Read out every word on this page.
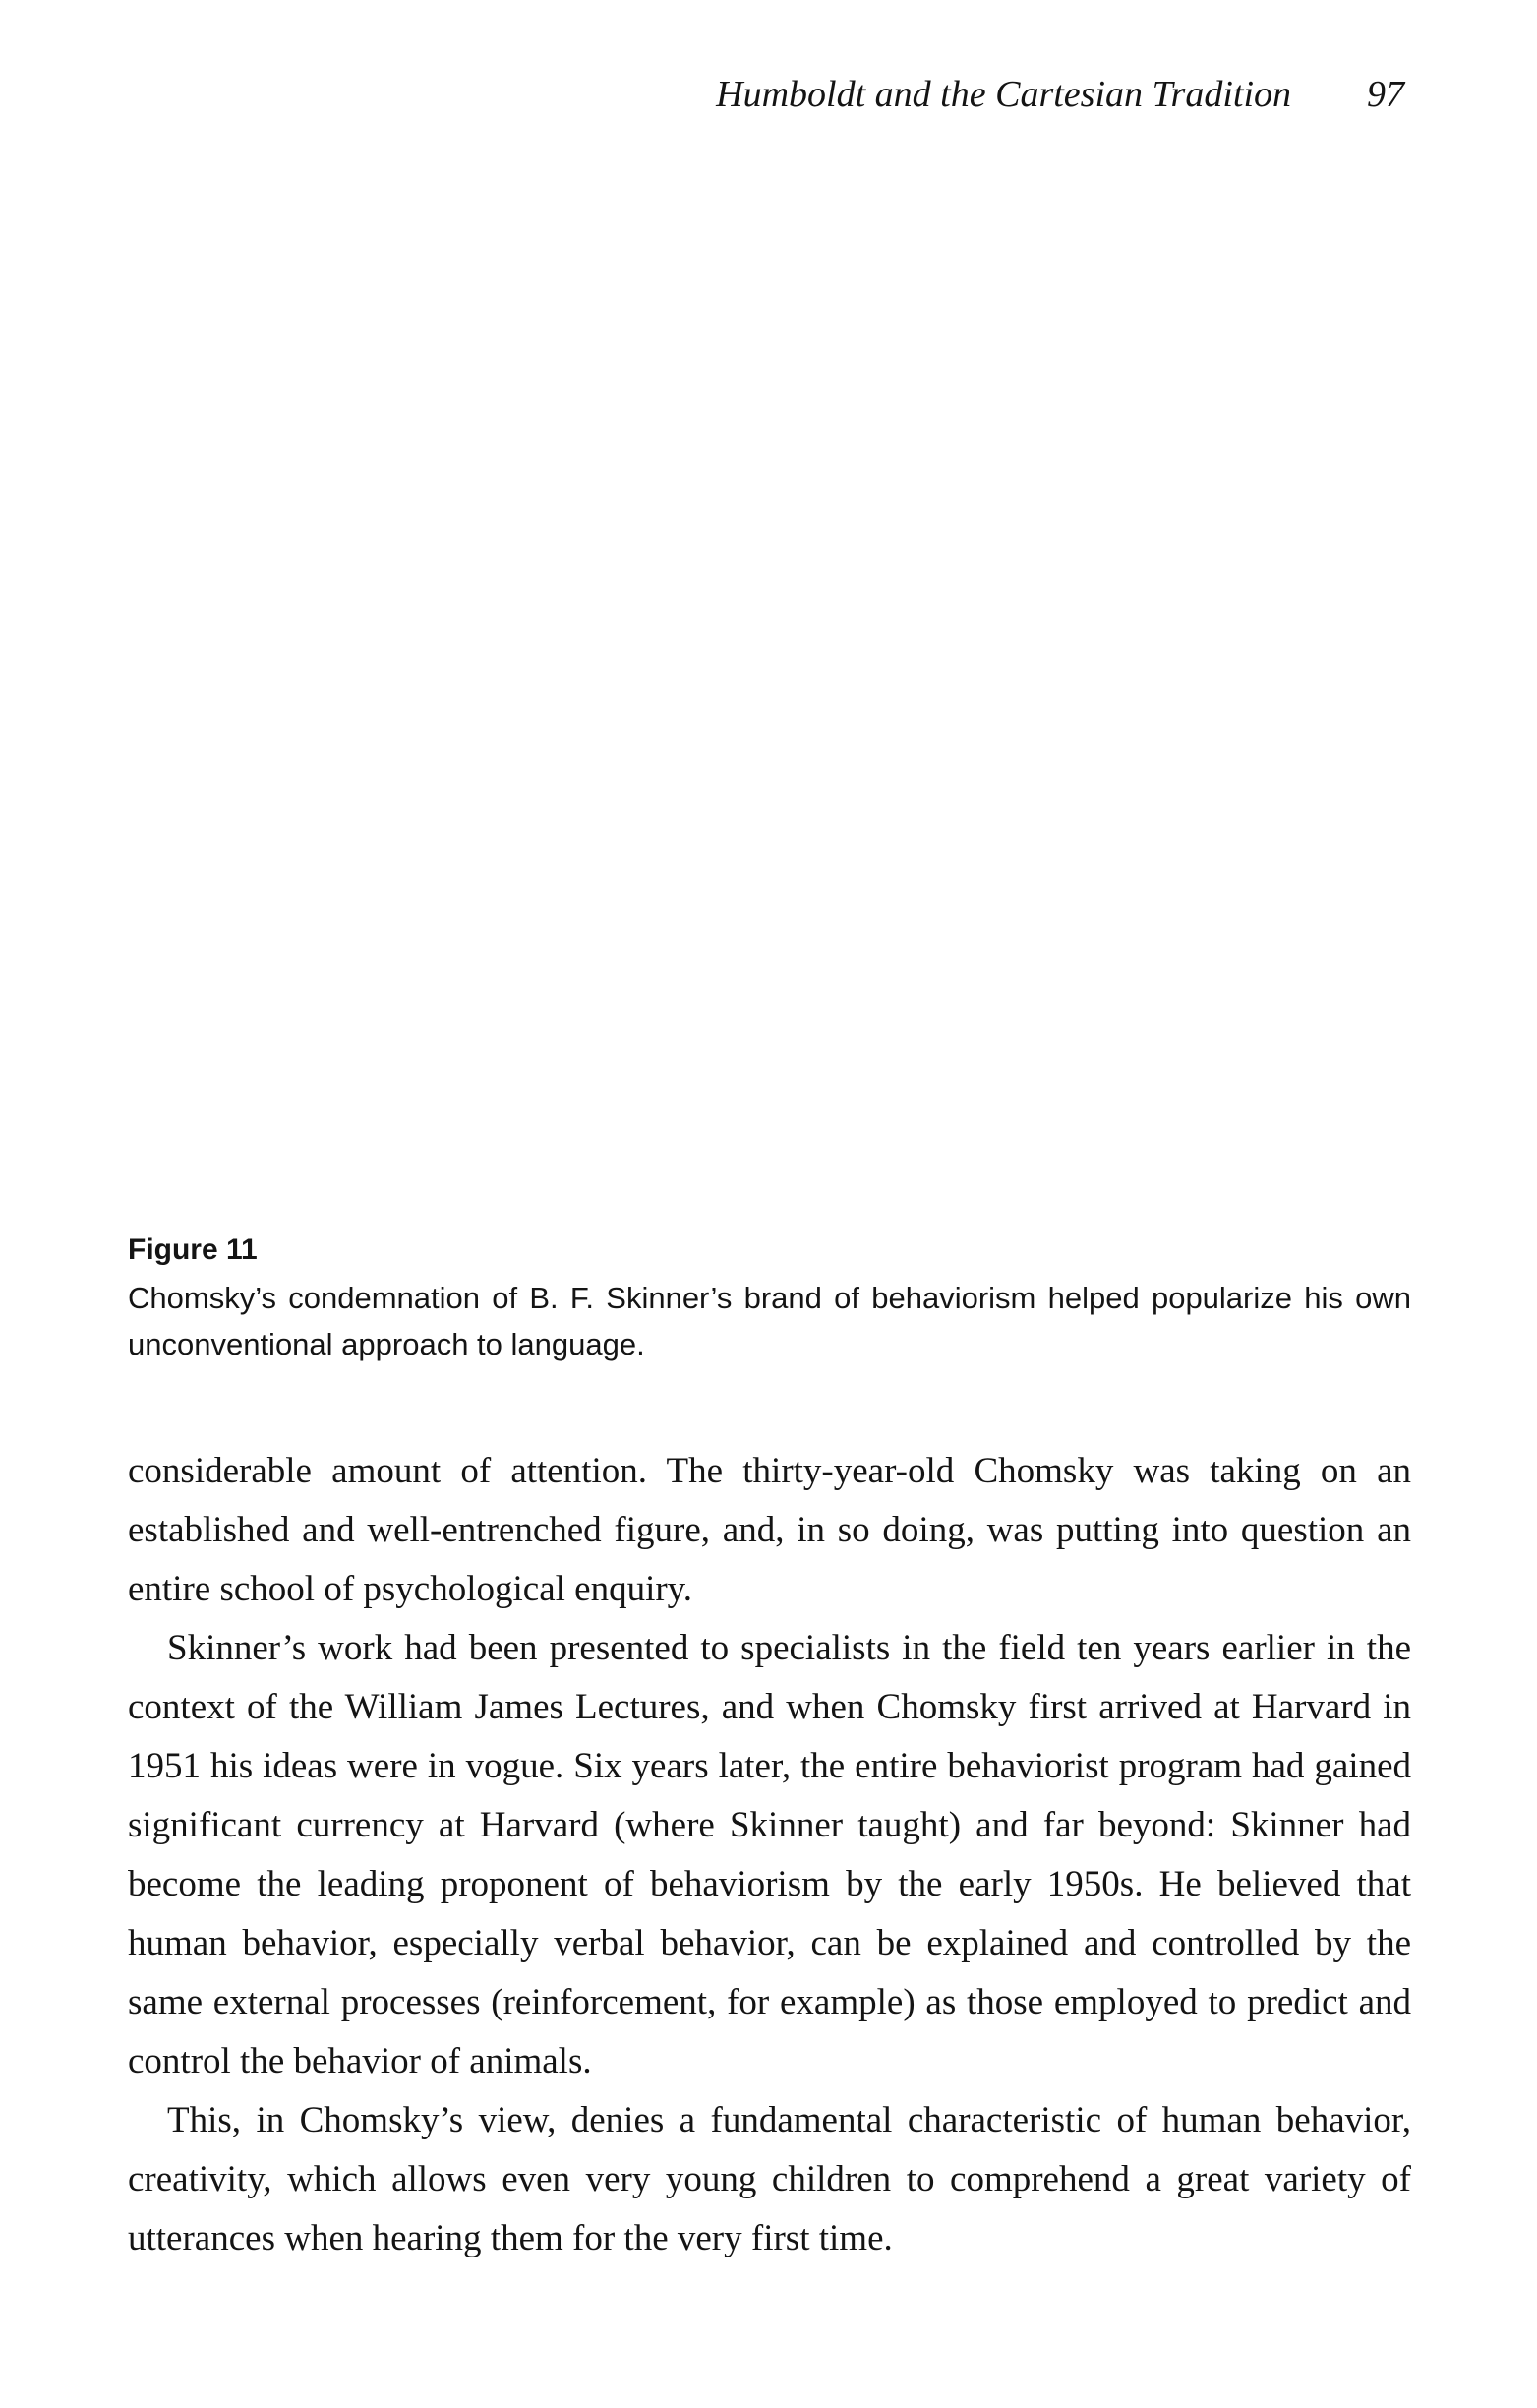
Humboldt and the Cartesian Tradition 97

Figure 11

Chomsky’s condemnation of B. F. Skinner’s brand of behaviorism helped popularize his own unconventional approach to language.

considerable amount of attention. The thirty-year-old Chomsky was taking on an established and well-entrenched figure, and, in so doing, was putting into question an entire school of psychological enquiry.

Skinner’s work had been presented to specialists in the field ten years earlier in the context of the William James Lectures, and when Chomsky first arrived at Harvard in 1951 his ideas were in vogue. Six years later, the entire behaviorist program had gained significant currency at Harvard (where Skinner taught) and far beyond: Skinner had become the leading proponent of behaviorism by the early 1950s. He believed that human behavior, especially verbal behavior, can be explained and controlled by the same external processes (reinforcement, for example) as those employed to predict and control the behavior of animals.

This, in Chomsky’s view, denies a fundamental characteristic of human behavior, creativity, which allows even very young children to comprehend a great variety of utterances when hearing them for the very first time.
